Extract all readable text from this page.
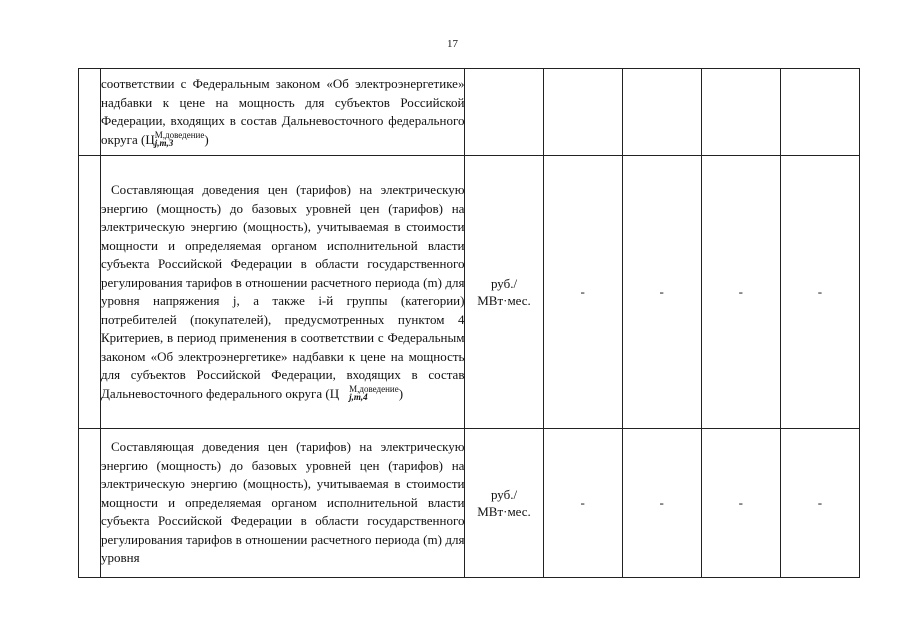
17
	соответствии с Федеральным законом «Об электроэнергетике» надбавки к цене на мощность для субъектов Российской Федерации, входящих в состав Дальневосточного федерального округа (Ц М,доведение
j,m,3 )					

	Составляющая доведения цен (тарифов) на электрическую энергию (мощность) до базовых уровней цен (тарифов) на электрическую энергию (мощность), учитываемая в стоимости мощности и определяемая органом исполнительной власти субъекта Российской Федерации в области государственного регулирования тарифов в отношении расчетного периода (m) для уровня напряжения j, а также i-й группы (категории) потребителей (покупателей), предусмотренных пунктом 4 Критериев, в период применения в соответствии с Федеральным законом «Об электроэнергетике» надбавки к цене на мощность для субъектов Российской Федерации, входящих в состав Дальневосточного федерального округа (Ц М,доведение
j,m,4 )	руб./ МВт·мес.	-	-	-	-

	Составляющая доведения цен (тарифов) на электрическую энергию (мощность) до базовых уровней цен (тарифов) на электрическую энергию (мощность), учитываемая в стоимости мощности и определяемая органом исполнительной власти субъекта Российской Федерации в области государственного регулирования тарифов в отношении расчетного периода (m) для уровня	руб./ МВт·мес.	-	-	-	-
